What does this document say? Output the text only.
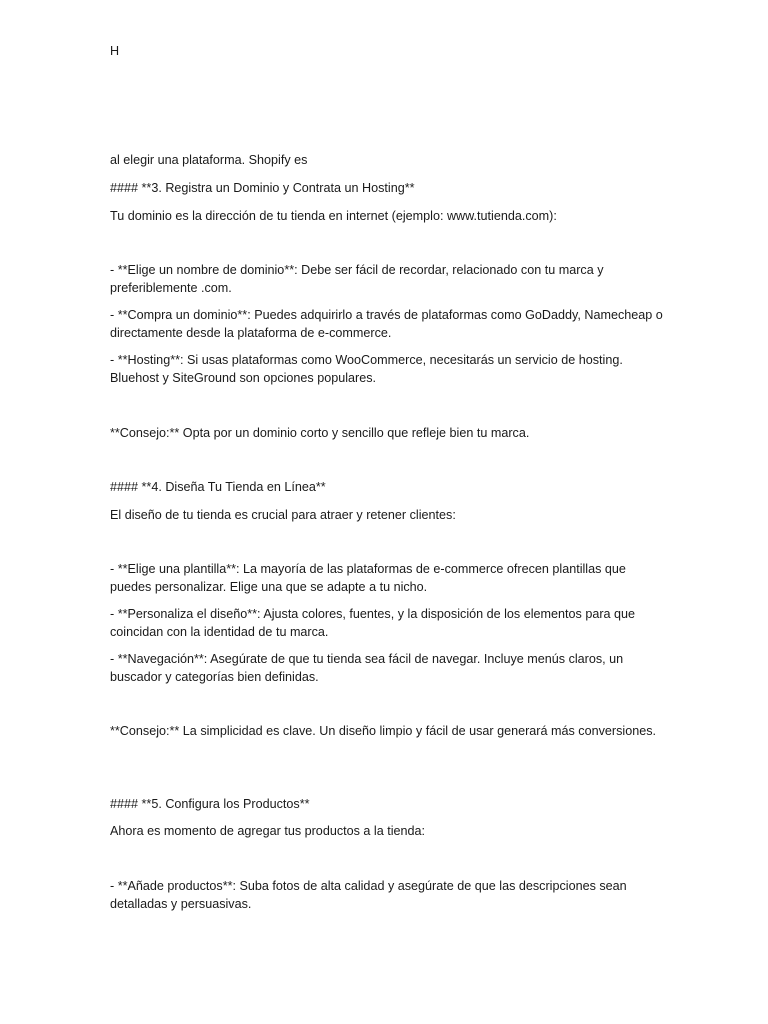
H

al elegir una plataforma. Shopify es

#### **3. Registra un Dominio y Contrata un Hosting**

Tu dominio es la dirección de tu tienda en internet (ejemplo: www.tutienda.com):

- **Elige un nombre de dominio**: Debe ser fácil de recordar, relacionado con tu marca y preferiblemente .com.

- **Compra un dominio**: Puedes adquirirlo a través de plataformas como GoDaddy, Namecheap o directamente desde la plataforma de e-commerce.

- **Hosting**: Si usas plataformas como WooCommerce, necesitarás un servicio de hosting. Bluehost y SiteGround son opciones populares.

**Consejo:** Opta por un dominio corto y sencillo que refleje bien tu marca.

#### **4. Diseña Tu Tienda en Línea**

El diseño de tu tienda es crucial para atraer y retener clientes:

- **Elige una plantilla**: La mayoría de las plataformas de e-commerce ofrecen plantillas que puedes personalizar. Elige una que se adapte a tu nicho.

- **Personaliza el diseño**: Ajusta colores, fuentes, y la disposición de los elementos para que coincidan con la identidad de tu marca.

- **Navegación**: Asegúrate de que tu tienda sea fácil de navegar. Incluye menús claros, un buscador y categorías bien definidas.

**Consejo:** La simplicidad es clave. Un diseño limpio y fácil de usar generará más conversiones.

#### **5. Configura los Productos**

Ahora es momento de agregar tus productos a la tienda:

- **Añade productos**: Suba fotos de alta calidad y asegúrate de que las descripciones sean detalladas y persuasivas.
